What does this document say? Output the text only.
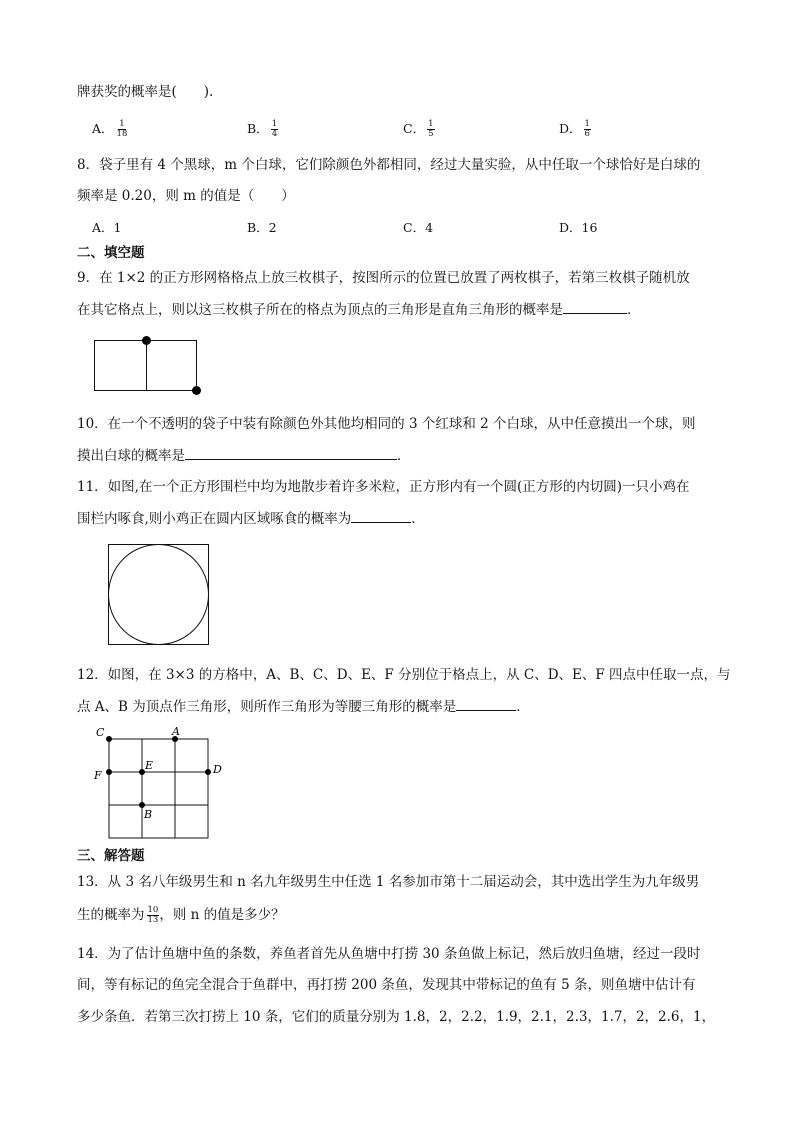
牌获奖的概率是(　　).
A． $\frac{1}{18}$	B． $\frac{1}{4}$	C． $\frac{1}{5}$	D． $\frac{1}{6}$
8．袋子里有 4 个黑球，m 个白球，它们除颜色外都相同，经过大量实验，从中任取一个球恰好是白球的
频率是 0.20，则 m 的值是（　　）
A．1	B．2	C．4	D．16
二、填空题
9．在 1×2 的正方形网格格点上放三枚棋子，按图所示的位置已放置了两枚棋子，若第三枚棋子随机放
在其它格点上，则以这三枚棋子所在的格点为顶点的三角形是直角三角形的概率是	．
10．在一个不透明的袋子中装有除颜色外其他均相同的 3 个红球和 2 个白球，从中任意摸出一个球，则
摸出白球的概率是	．
11．如图,在一个正方形围栏中均为地散步着许多米粒，正方形内有一个圆(正方形的内切圆)一只小鸡在
围栏内啄食,则小鸡正在圆内区域啄食的概率为	．
12．如图，在 3×3 的方格中，A、B、C、D、E、F 分别位于格点上，从 C、D、E、F 四点中任取一点，与
点 A、B 为顶点作三角形，则所作三角形为等腰三角形的概率是	．
C	A
F
E	D
B
三、解答题
13．从 3 名八年级男生和 n 名九年级男生中任选 1 名参加市第十二届运动会，其中选出学生为九年级男
生的概率为 $\frac{10}{13}$ ，则 n 的值是多少？
14．为了估计鱼塘中鱼的条数，养鱼者首先从鱼塘中打捞 30 条鱼做上标记，然后放归鱼塘，经过一段时
间，等有标记的鱼完全混合于鱼群中，再打捞 200 条鱼，发现其中带标记的鱼有 5 条，则鱼塘中估计有
多少条鱼．若第三次打捞上 10 条，它们的质量分别为 1.8，2，2.2，1.9，2.1，2.3，1.7，2，2.6，1，
